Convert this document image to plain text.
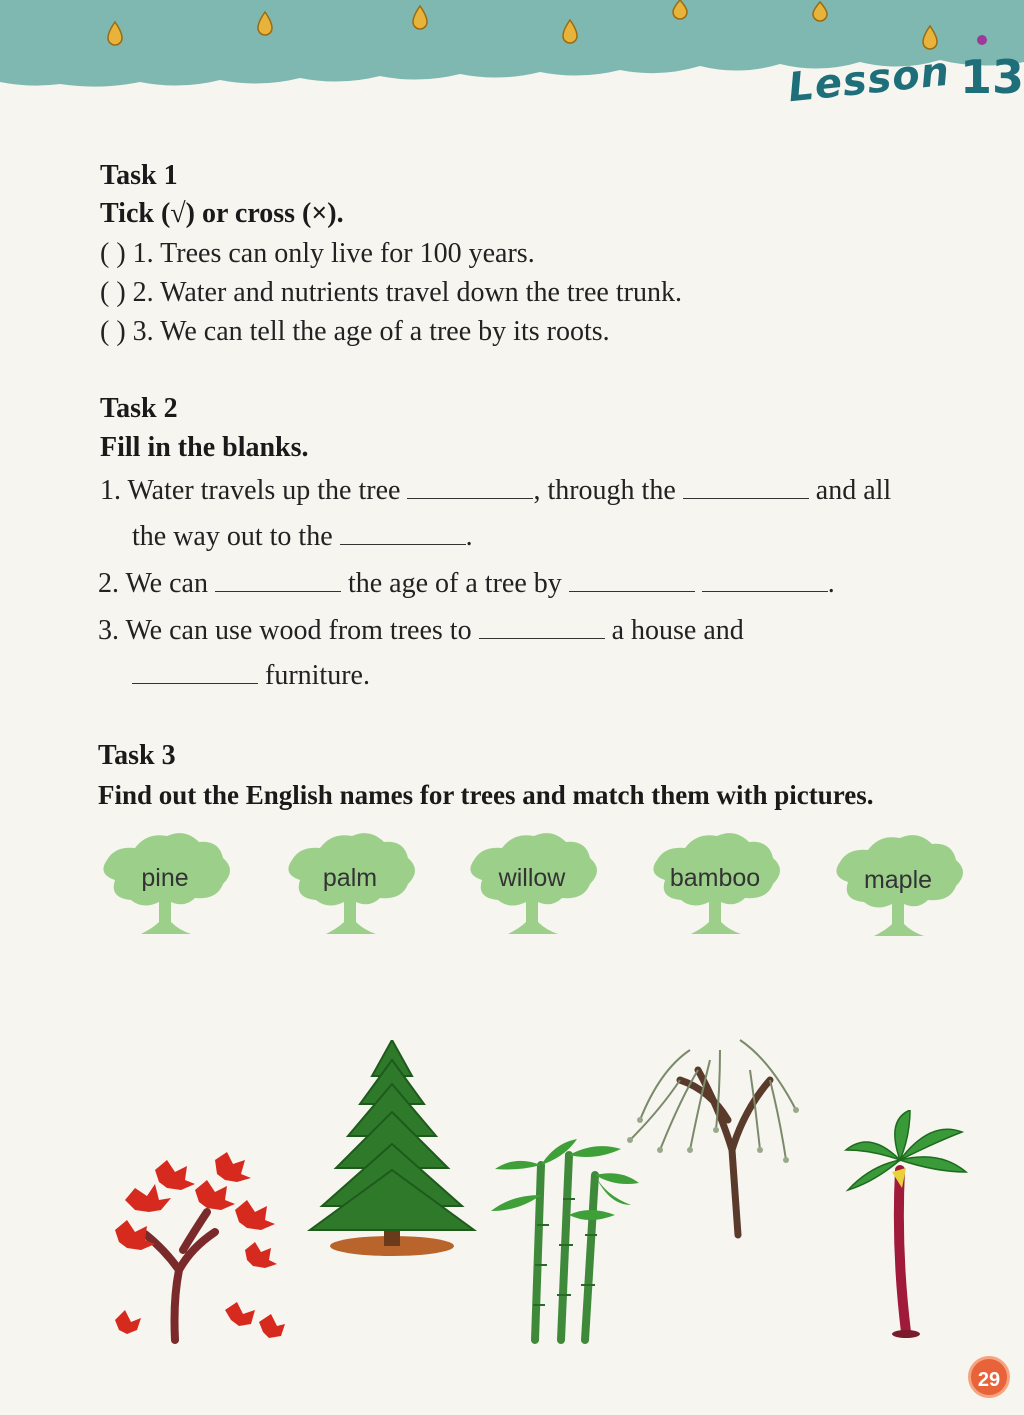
Lesson 13
Task 1
Tick (√) or cross (×).
( ) 1. Trees can only live for 100 years.
( ) 2. Water and nutrients travel down the tree trunk.
( ) 3. We can tell the age of a tree by its roots.
Task 2
Fill in the blanks.
1. Water travels up the tree	, through the	and all
the way out to the	.
2. We can	the age of a tree by	.
3. We can use wood from trees to	a house and
furniture.
Task 3
Find out the English names for trees and match them with pictures.
pine	palm	willow	bamboo	maple
29
